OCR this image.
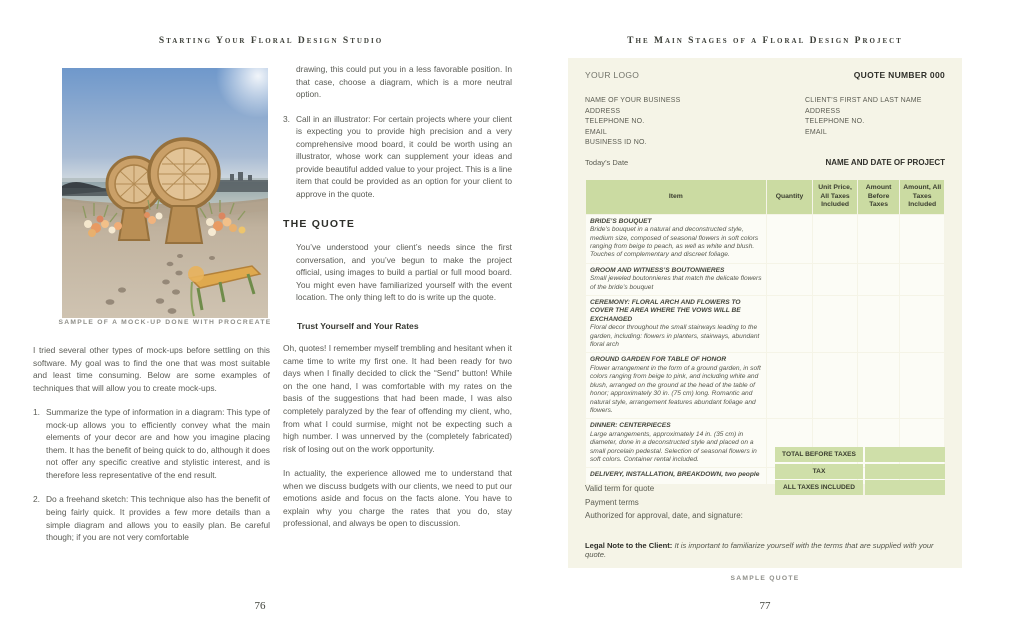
Starting Your Floral Design Studio
SAMPLE OF A MOCK-UP DONE WITH PROCREATE

I tried several other types of mock-ups before settling on this software. My goal was to find the one that was most suitable and least time consuming. Below are some examples of techniques that will allow you to create mock-ups.

1. Summarize the type of information in a diagram: This type of mock-up allows you to efficiently convey what the main elements of your decor are and how you imagine placing them. It has the benefit of being quick to do, although it does not offer any specific creative and stylistic interest, and is therefore less representative of the end result.
2. Do a freehand sketch: This technique also has the benefit of being fairly quick. It provides a few more details than a simple diagram and allows you to easily plan. Be careful though; if you are not very comfortable

drawing, this could put you in a less favorable position. In that case, choose a diagram, which is a more neutral option.

3. Call in an illustrator: For certain projects where your client is expecting you to provide high precision and a very comprehensive mood board, it could be worth using an illustrator, whose work can supplement your ideas and provide beautiful added value to your project. This is a line item that could be provided as an option for your client to approve in the quote.
THE QUOTE

You’ve understood your client’s needs since the first conversation, and you’ve begun to make the project official, using images to build a partial or full mood board. You might even have familiarized yourself with the event location. The only thing left to do is write up the quote.

Trust Yourself and Your Rates

Oh, quotes! I remember myself trembling and hesitant when it came time to write my first one. It had been ready for two days when I finally decided to click the “Send” button! While on the one hand, I was comfortable with my rates on the basis of the suggestions that had been made, I was also completely paralyzed by the fear of offending my client, who, from what I could surmise, might not be expecting such a high number. I was unnerved by the (completely fabricated) risk of losing out on the work opportunity.

In actuality, the experience allowed me to understand that when we discuss budgets with our clients, we need to put our emotions aside and focus on the facts alone. You have to explain why you charge the rates that you do, stay professional, and always be open to discussion.

76
The Main Stages of a Floral Design Project
YOUR LOGO	QUOTE NUMBER 000
NAME OF YOUR BUSINESS
ADDRESS
TELEPHONE NO.
EMAIL
BUSINESS ID NO.
CLIENT’S FIRST AND LAST NAME
ADDRESS
TELEPHONE NO.
EMAIL
Today’s Date	NAME AND DATE OF PROJECT
Item	Quantity	Unit Price, All Taxes Included	Amount Before Taxes	Amount, All Taxes Included

BRIDE’S BOUQUET
Bride’s bouquet in a natural and deconstructed style, medium size, composed of seasonal flowers in soft colors ranging from beige to peach, as well as white and blush. Touches of complementary and discreet foliage.				

GROOM AND WITNESS’S BOUTONNIERES
Small jeweled boutonnieres that match the delicate flowers of the bride’s bouquet				

CEREMONY: FLORAL ARCH AND FLOWERS TO COVER THE AREA WHERE THE VOWS WILL BE EXCHANGED
Floral decor throughout the small stairways leading to the garden, including: flowers in planters, stairways, abundant floral arch				

GROUND GARDEN FOR TABLE OF HONOR
Flower arrangement in the form of a ground garden, in soft colors ranging from beige to pink, and including white and blush, arranged on the ground at the head of the table of honor; approximately 30 in. (75 cm) long. Romantic and natural style, arrangement features abundant foliage and flowers.				

DINNER: CENTERPIECES
Large arrangements, approximately 14 in. (35 cm) in diameter, done in a deconstructed style and placed on a small porcelain pedestal. Selection of seasonal flowers in soft colors. Container rental included.				

DELIVERY, INSTALLATION, BREAKDOWN, two people				

TOTAL BEFORE TAXES
TAX
ALL TAXES INCLUDED
Valid term for quote
Payment terms
Authorized for approval, date, and signature:
Legal Note to the Client: It is important to familiarize yourself with the terms that are supplied with your quote.
SAMPLE QUOTE
77
